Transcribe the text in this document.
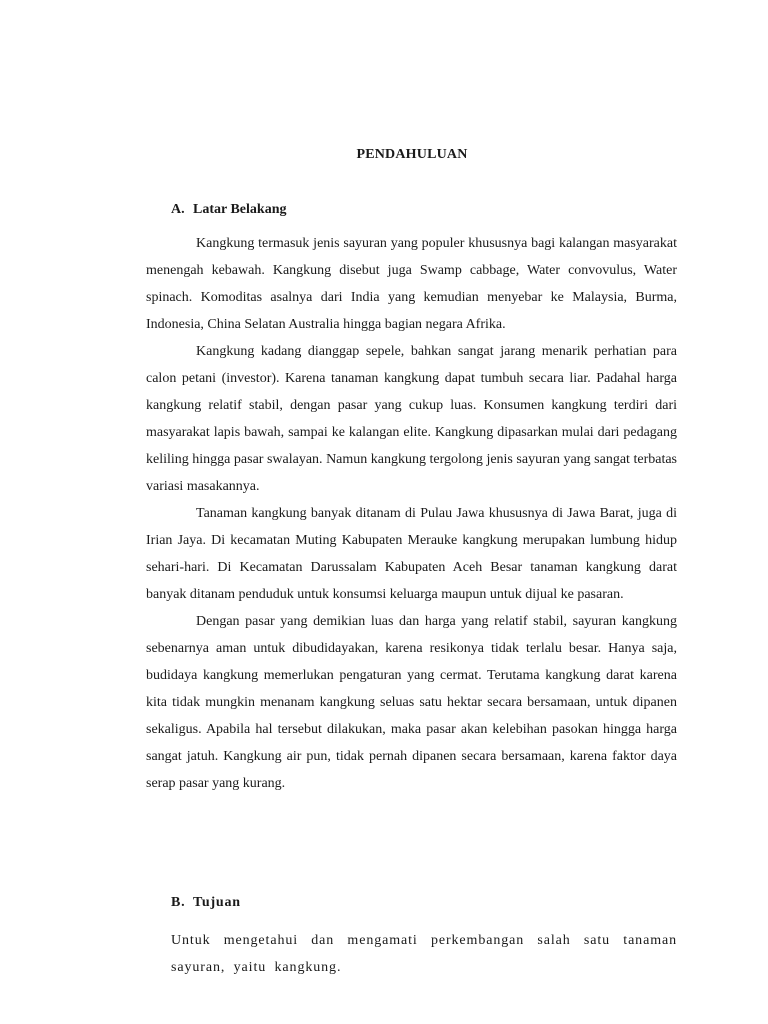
PENDAHULUAN
A. Latar Belakang

Kangkung termasuk jenis sayuran yang populer khususnya bagi kalangan masyarakat menengah kebawah. Kangkung disebut juga Swamp cabbage, Water convovulus, Water spinach. Komoditas asalnya dari India yang kemudian menyebar ke Malaysia, Burma, Indonesia, China Selatan Australia hingga bagian negara Afrika.

Kangkung kadang dianggap sepele, bahkan sangat jarang menarik perhatian para calon petani (investor). Karena tanaman kangkung dapat tumbuh secara liar. Padahal harga kangkung relatif stabil, dengan pasar yang cukup luas. Konsumen kangkung terdiri dari masyarakat lapis bawah, sampai ke kalangan elite. Kangkung dipasarkan mulai dari pedagang keliling hingga pasar swalayan. Namun kangkung tergolong jenis sayuran yang sangat terbatas variasi masakannya.

Tanaman kangkung banyak ditanam di Pulau Jawa khususnya di Jawa Barat, juga di Irian Jaya. Di kecamatan Muting Kabupaten Merauke kangkung merupakan lumbung hidup sehari-hari. Di Kecamatan Darussalam Kabupaten Aceh Besar tanaman kangkung darat banyak ditanam penduduk untuk konsumsi keluarga maupun untuk dijual ke pasaran.

Dengan pasar yang demikian luas dan harga yang relatif stabil, sayuran kangkung sebenarnya aman untuk dibudidayakan, karena resikonya tidak terlalu besar. Hanya saja, budidaya kangkung memerlukan pengaturan yang cermat. Terutama kangkung darat karena kita tidak mungkin menanam kangkung seluas satu hektar secara bersamaan, untuk dipanen sekaligus. Apabila hal tersebut dilakukan, maka pasar akan kelebihan pasokan hingga harga sangat jatuh. Kangkung air pun, tidak pernah dipanen secara bersamaan, karena faktor daya serap pasar yang kurang.

B. Tujuan

Untuk mengetahui dan mengamati perkembangan salah satu tanaman sayuran, yaitu kangkung.
